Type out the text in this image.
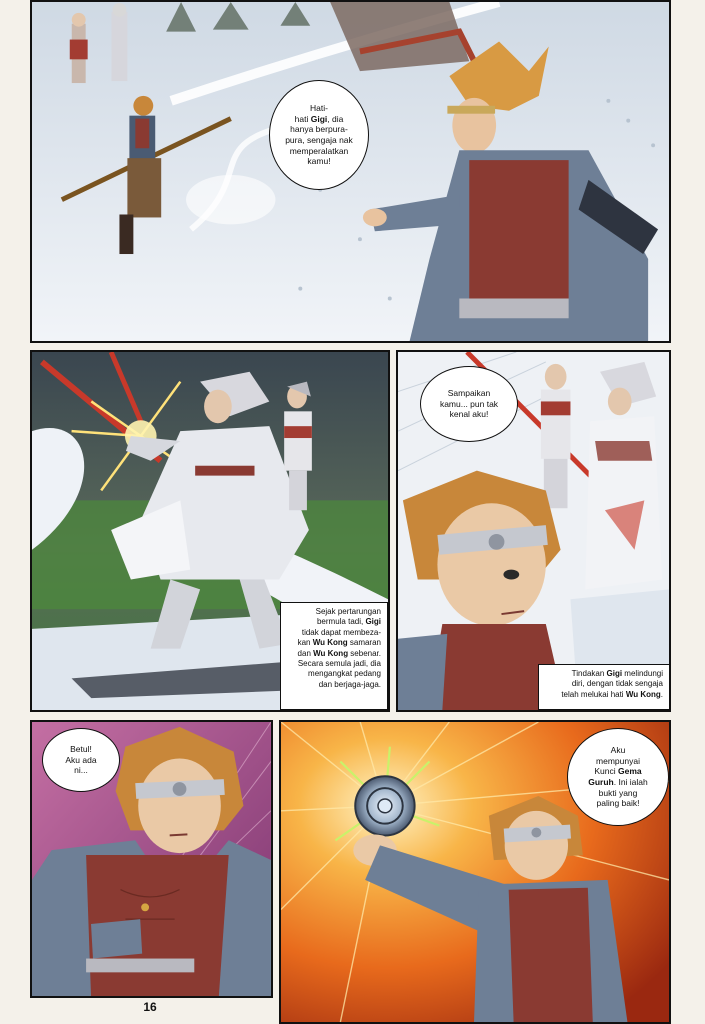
Hati-
hati Gigi, dia
hanya berpura-
pura, sengaja nak
memperalatkan
kamu!
Sejak pertarungan
bermula tadi, Gigi
tidak dapat membeza-
kan Wu Kong samaran
dan Wu Kong sebenar.
Secara semula jadi, dia
mengangkat pedang
dan berjaga-jaga.
Sampaikan
kamu... pun tak
kenal aku!
Tindakan Gigi melindungi
diri, dengan tidak sengaja
telah melukai hati Wu Kong.
Betul!
Aku ada
ni...
Aku
mempunyai
Kunci Gema
Guruh. Ini ialah
bukti yang
paling baik!
16
